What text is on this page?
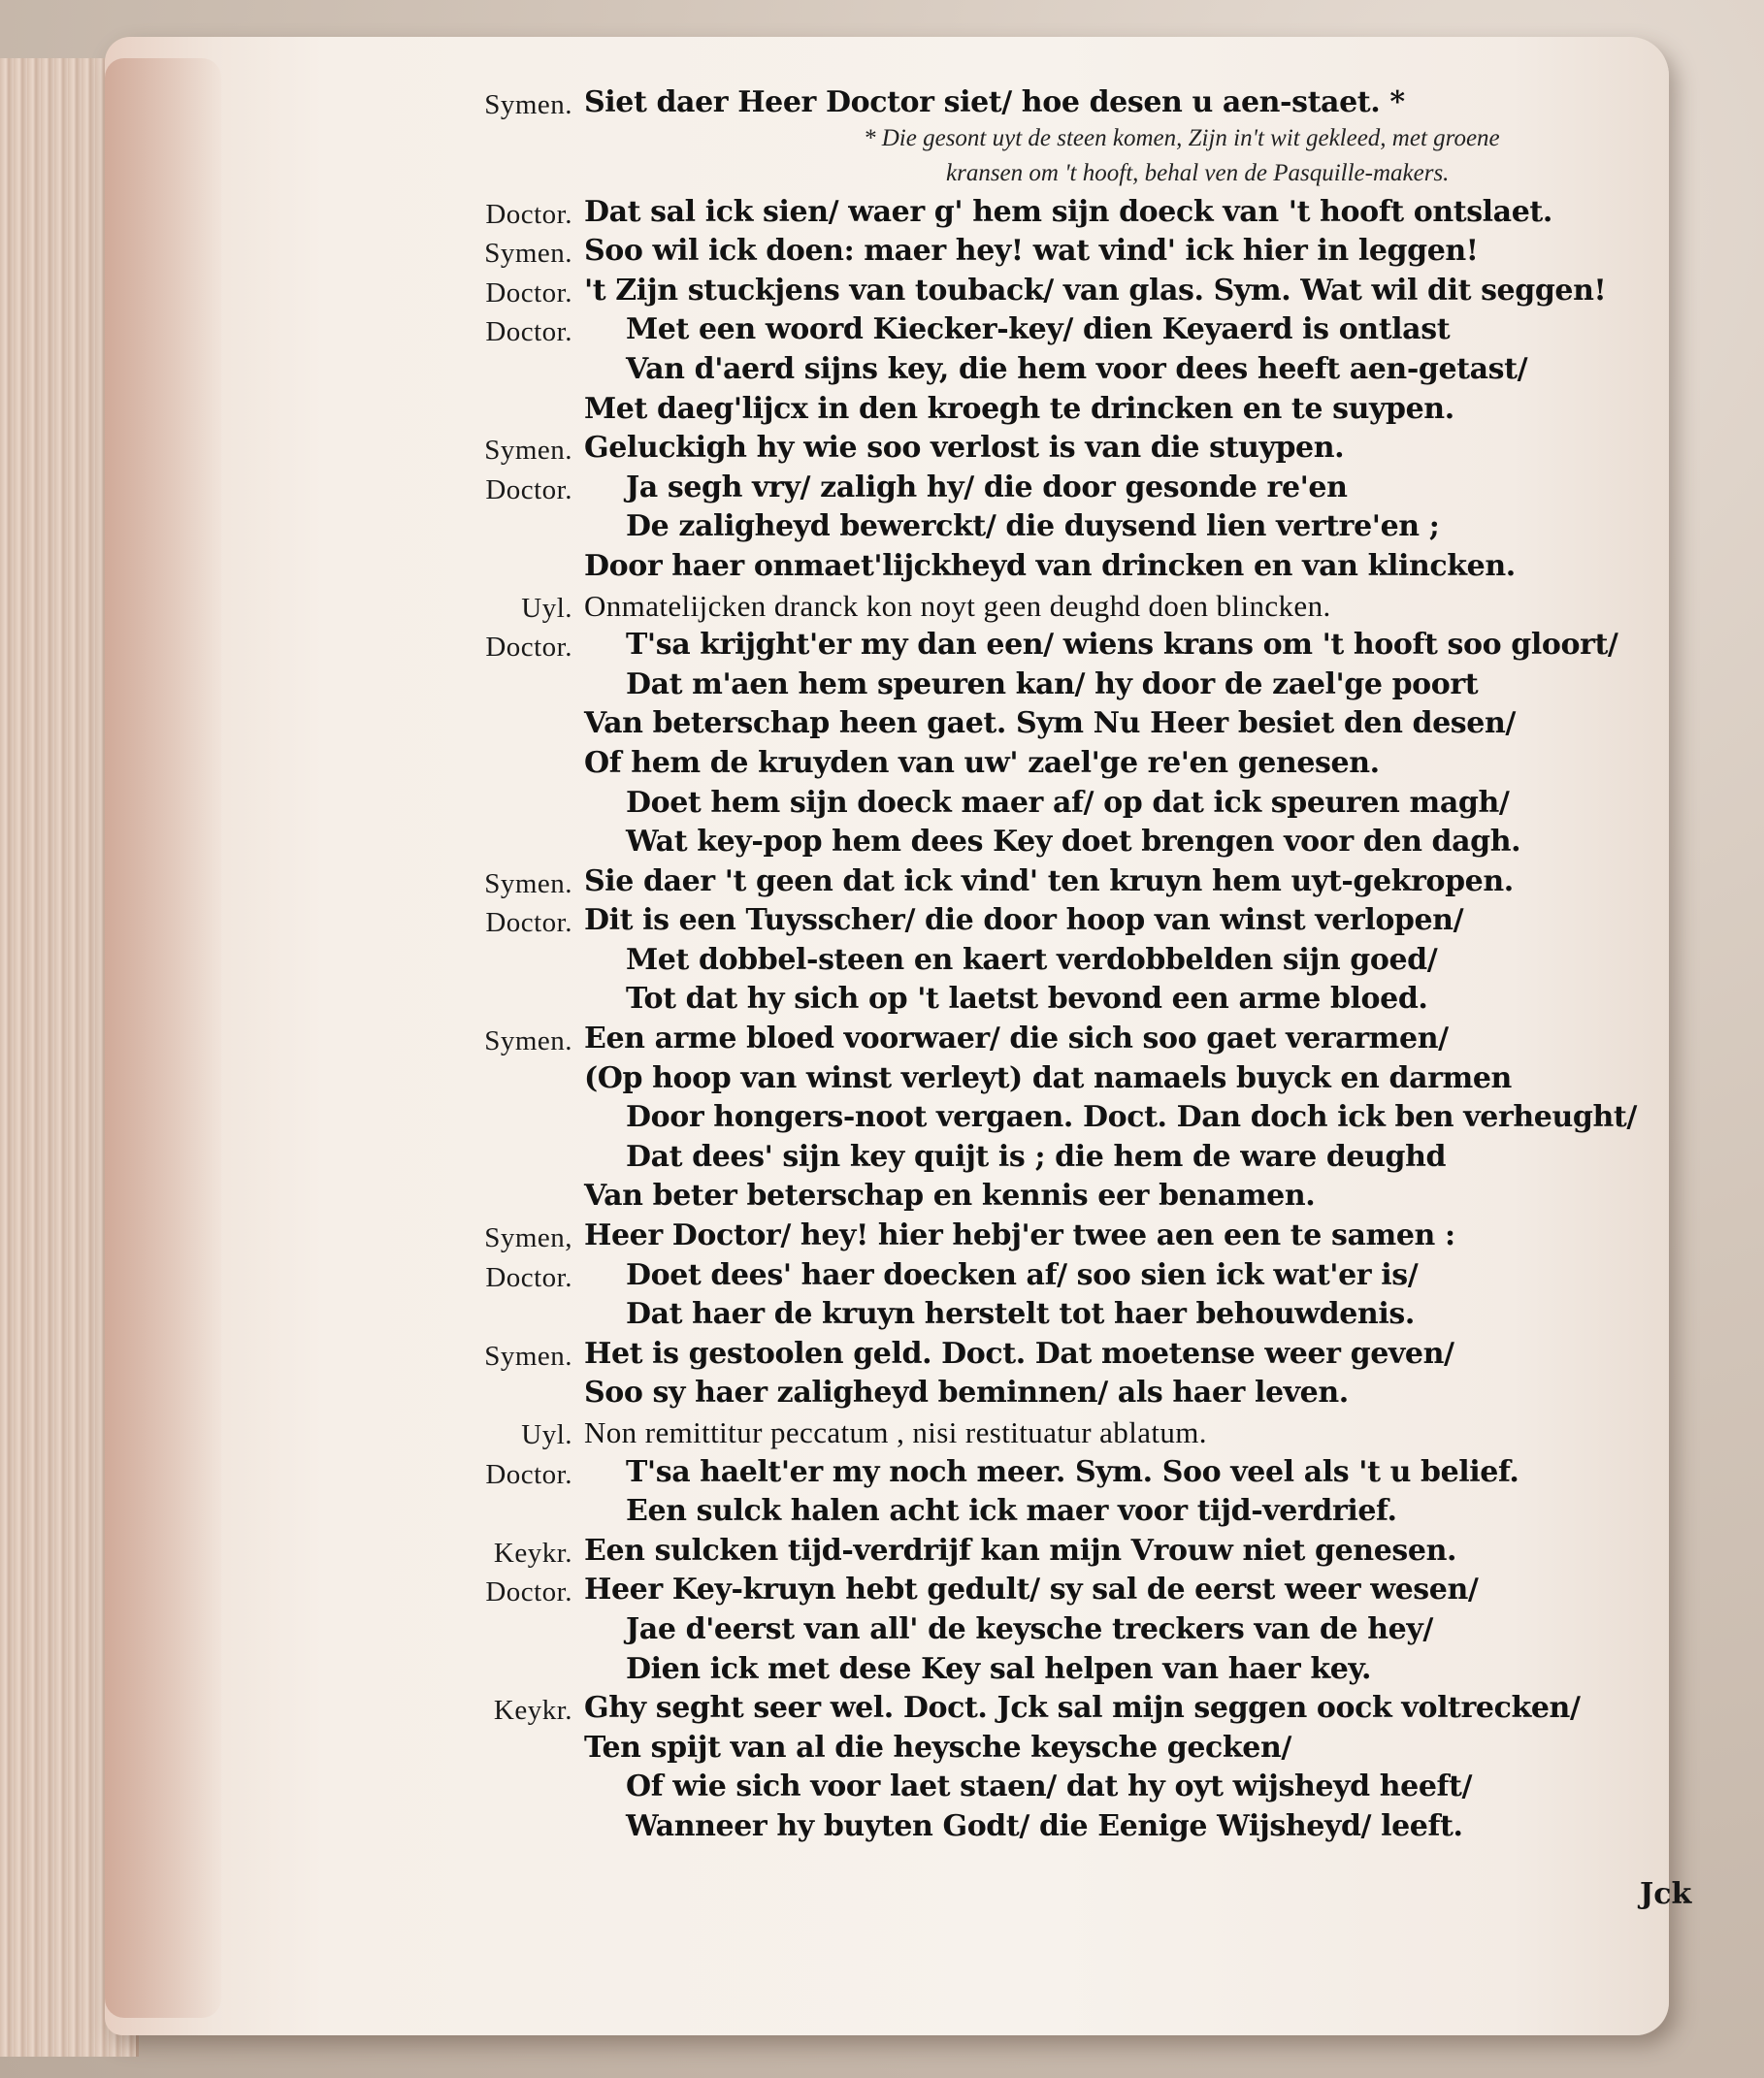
Symen. Siet daer Heer Doctor siet/ hoe desen u aen-staet. *
* Die gesont uyt de steen komen, Zijn in't wit gekleed, met groene
kransen om 't hooft, behal ven de Pasquille-makers.
Doctor. Dat sal ick sien/ waer g' hem sijn doeck van 't hooft ontslaet.
Symen. Soo wil ick doen: maer hey! wat vind' ick hier in leggen!
Doctor. 't Zijn stuckjens van touback/ van glas. Sym. Wat wil dit seggen!
Doctor. Met een woord Kiecker-key/ dien Keyaerd is ontlast
Van d'aerd sijns key, die hem voor dees heeft aen-getast/
Met daeg'lijcx in den kroegh te drincken en te suypen.
Symen. Geluckigh hy wie soo verlost is van die stuypen.
Doctor. Ja segh vry/ zaligh hy/ die door gesonde re'en
De zaligheyd bewerckt/ die duysend lien vertre'en ;
Door haer onmaet'lijckheyd van drincken en van klincken.
Uyl. Onmatelijcken dranck kon noyt geen deughd doen blincken.
Doctor. T'sa krijght'er my dan een/ wiens krans om 't hooft soo gloort/
Dat m'aen hem speuren kan/ hy door de zael'ge poort
Van beterschap heen gaet. Sym Nu Heer besiet den desen/
Of hem de kruyden van uw' zael'ge re'en genesen.
Doet hem sijn doeck maer af/ op dat ick speuren magh/
Wat key-pop hem dees Key doet brengen voor den dagh.
Symen. Sie daer 't geen dat ick vind' ten kruyn hem uyt-gekropen.
Doctor. Dit is een Tuysscher/ die door hoop van winst verlopen/
Met dobbel-steen en kaert verdobbelden sijn goed/
Tot dat hy sich op 't laetst bevond een arme bloed.
Symen. Een arme bloed voorwaer/ die sich soo gaet verarmen/
(Op hoop van winst verleyt) dat namaels buyck en darmen
Door hongers-noot vergaen. Doct. Dan doch ick ben verheught/
Dat dees' sijn key quijt is ; die hem de ware deughd
Van beter beterschap en kennis eer benamen.
Symen, Heer Doctor/ hey! hier hebj'er twee aen een te samen :
Doctor. Doet dees' haer doecken af/ soo sien ick wat'er is/
Dat haer de kruyn herstelt tot haer behouwdenis.
Symen. Het is gestoolen geld. Doct. Dat moetense weer geven/
Soo sy haer zaligheyd beminnen/ als haer leven.
Uyl. Non remittitur peccatum , nisi restituatur ablatum.
Doctor. T'sa haelt'er my noch meer. Sym. Soo veel als 't u belief.
Een sulck halen acht ick maer voor tijd-verdrief.
Keykr. Een sulcken tijd-verdrijf kan mijn Vrouw niet genesen.
Doctor. Heer Key-kruyn hebt gedult/ sy sal de eerst weer wesen/
Jae d'eerst van all' de keysche treckers van de hey/
Dien ick met dese Key sal helpen van haer key.
Keykr. Ghy seght seer wel. Doct. Jck sal mijn seggen oock voltrecken/
Ten spijt van al die heysche keysche gecken/
Of wie sich voor laet staen/ dat hy oyt wijsheyd heeft/
Wanneer hy buyten Godt/ die Eenige Wijsheyd/ leeft.
Jck
